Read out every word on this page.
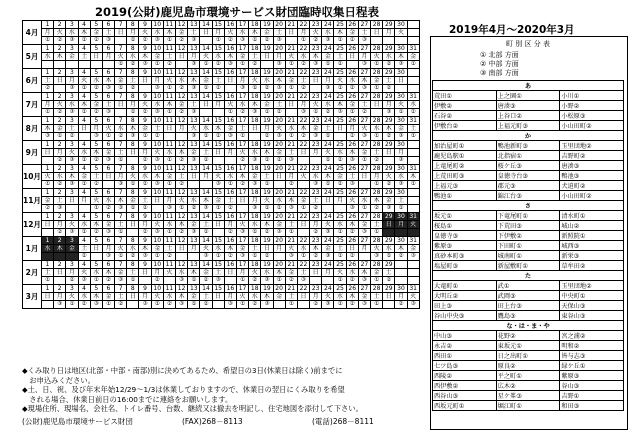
2019(公財)鹿児島市環境サービス財団臨時収集日程表
4月	1	2	3	4	5	6	7	8	9	10	11	12	13	14	15	16	17	18	19	20	21	22	23	24	25	26	27	28	29	30	
	月	火	水	木	金	土	日	月	火	水	木	金	土	日	月	火	水	木	金	土	日	月	火	水	木	金	土	日	月	火	
	①	②	③	①	②	③		①	②	③	①	②	③		①	②	③	①	②	③		①	②	③	①	②	③				
5月	1	2	3	4	5	6	7	8	9	10	11	12	13	14	15	16	17	18	19	20	21	22	23	24	25	26	27	28	29	30	31
	水	木	金	土	日	月	火	水	木	金	土	日	月	火	水	木	金	土	日	月	火	水	木	金	土	日	月	火	水	木	金
							①	②	③	①	②		③	①	②	③	①	②		③	①	②	③	①	②		③	①	②	③	①
6月	1	2	3	4	5	6	7	8	9	10	11	12	13	14	15	16	17	18	19	20	21	22	23	24	25	26	27	28	29	30	
	土	日	月	火	水	木	金	土	日	月	火	水	木	金	土	日	月	火	水	木	金	土	日	月	火	水	木	金	土	日	
	②		③	①	②	③	①	②		③	①	②	③	①	②		③	①	②	③	①	②		③	①	②	③	①	②		
7月	1	2	3	4	5	6	7	8	9	10	11	12	13	14	15	16	17	18	19	20	21	22	23	24	25	26	27	28	29	30	31
	月	火	水	木	金	土	日	月	火	水	木	金	土	日	月	火	水	木	金	土	日	月	火	水	木	金	土	日	月	火	水
	①	②	③	①	②	③		①	②	③	①	②	③			①	②	③	①	②		③	①	②	③	①	②		③	①	②
8月	1	2	3	4	5	6	7	8	9	10	11	12	13	14	15	16	17	18	19	20	21	22	23	24	25	26	27	28	29	30	31
	木	金	土	日	月	火	水	木	金	土	日	月	火	水	木	金	土	日	月	火	水	木	金	土	日	月	火	水	木	金	土
	③	①	②		③	①	②	③	①	②			③	①	②	③	①		②	③	①	②	③	①		②	③	①	②	③	①
9月	1	2	3	4	5	6	7	8	9	10	11	12	13	14	15	16	17	18	19	20	21	22	23	24	25	26	27	28	29	30	
	日	月	火	水	木	金	土	日	月	火	水	木	金	土	日	月	火	水	木	金	土	日	月	火	水	木	金	土	日	月	
		②	③	①	②	③	①		②	③	①	②	③	①			②	③	①	②	③			①	②	③	①	②		③	
10月	1	2	3	4	5	6	7	8	9	10	11	12	13	14	15	16	17	18	19	20	21	22	23	24	25	26	27	28	29	30	31
	火	水	木	金	土	日	月	火	水	木	金	土	日	月	火	水	木	金	土	日	月	火	水	木	金	土	日	月	火	水	木
	①	②	③	①	②		③	①	②	③	①	②			③	①	②	③	①		②		③	①	②	③		①	②	③	①
11月	1	2	3	4	5	6	7	8	9	10	11	12	13	14	15	16	17	18	19	20	21	22	23	24	25	26	27	28	29	30	
	金	土	日	月	火	水	木	金	土	日	月	火	水	木	金	土	日	月	火	水	木	金	土	日	月	火	水	木	金	土	
	②	③			①	②	③	①	②		③	①	②	③	①	②		③	①	②	③	①	②			③	①	②	③	①	
12月	1	2	3	4	5	6	7	8	9	10	11	12	13	14	15	16	17	18	19	20	21	22	23	24	25	26	27	28	29	30	31
	日	月	火	水	木	金	土	日	月	火	水	木	金	土	日	月	火	水	木	金	土	日	月	火	水	木	金	土	日	月	火
		②	③	①	②	③	①		②	③	①	②	③	①		②	③	①	②	③	①		②	③	①	②	③	①			
1月	1	2	3	4	5	6	7	8	9	10	11	12	13	14	15	16	17	18	19	20	21	22	23	24	25	26	27	28	29	30	31
	水	木	金	土	日	月	火	水	木	金	土	日	月	火	水	木	金	土	日	月	火	水	木	金	土	日	月	火	水	木	金
				②		③	①	②	③	①	②			③	①	②	③	①	②		③	①	②	③	①	②		③	①	②	③
2月	1	2	3	4	5	6	7	8	9	10	11	12	13	14	15	16	17	18	19	20	21	22	23	24	25	26	27	28	29		
	土	日	月	火	水	木	金	土	日	月	火	水	木	金	土	日	月	火	水	木	金	土	日	月	火	水	木	金	土		
	①		②	③	①	②	③	①		②		③	①	②	③		①	②	③	①	②	③			①	②	③	①	②		
3月	1	2	3	4	5	6	7	8	9	10	11	12	13	14	15	16	17	18	19	20	21	22	23	24	25	26	27	28	29	30	31
	日	月	火	水	木	金	土	日	月	火	水	木	金	土	日	月	火	水	木	金	土	日	月	火	水	木	金	土	日	月	火
		③	①	②	③	①	②		③	①	②	③	①	②		③	①	②	③		①		②	③	①	②	③	①		②	③
◆くみ取り日は地区(北部・中部・南部)別に決めてあるため、希望日の3日(休業日は除く)前までに
　お申込みください。
◆土、日、祝、及び年末年始12/29～1/3は休業しておりますので、休業日の翌日にくみ取りを希望
　される場合、休業日前日の16:00までに連絡をお願いします。
◆現場住所、現場名、会社名、トイレ番号、台数、継続又は撤去を明記し、住宅地図を添付して下さい。
(公財)鹿児島市環境サービス財団	(FAX)268－8113	(電話)268－8111
2019年4月～2020年3月
町 別 区 分 表
① 北部 方面
② 中部 方面
③ 南部 方面
あ		
荒田①	上之園①	小川①
伊敷②	唐湊③	小野②
石谷②	上谷口②	小松原③
伊敷台②	上福元町③	小山田町②
か		
加治屋町①	鴨池新町③	玉里団地②
鹿児島駅①	北指宿①	吉野町②
上竜尾町②	桜ケ丘③	唐湊③
上荒田町③	皇徳寺台③	鴨池③
上福元③	郡元③	犬迫町②
鴨池①	錦江台③	小山田町②
さ		
坂元①	下竜尾町①	清水町①
桜島①	下荒田③	城山②
皇徳寺③	下伊敷②	新照院①
紫原③	下田町①	城西③
真砂本町③	城南町①	新栄③
塩屋町③	新屋敷町①	草牟田②
た		
大竜町①	武①	玉里団地②
大明丘②	武岡③	中央町①
田上③	田上台③	天保山③
谷山中央③	鷹島③	東谷山③
な・は・ま・や		
中山③	花野②	宮之浦②
永吉②	東坂元①	明和②
西田①	日之出町①	皆与志③
七ツ島③	原良②	緑ケ丘①
西陵②	平之町①	紫原③
西伊敷②	広木②	谷山③
西谷山③	星ケ峯③	吉野①
西坂元町①	堀江町①	和田③
